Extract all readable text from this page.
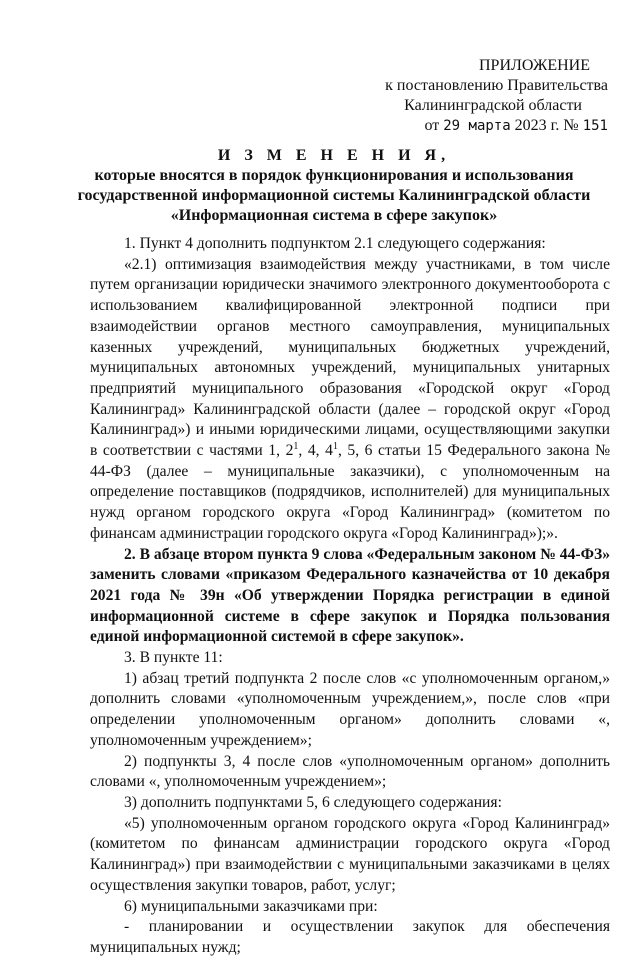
ПРИЛОЖЕНИЕ
к постановлению Правительства
Калининградской области
от 29 марта 2023 г. № 151
И З М Е Н Е Н И Я,
которые вносятся в порядок функционирования и использования
государственной информационной системы Калининградской области
«Информационная система в сфере закупок»

1. Пункт 4 дополнить подпунктом 2.1 следующего содержания:

«2.1) оптимизация взаимодействия между участниками, в том числе путем организации юридически значимого электронного документооборота с использованием квалифицированной электронной подписи при взаимодействии органов местного самоуправления, муниципальных казенных учреждений, муниципальных бюджетных учреждений, муниципальных автономных учреждений, муниципальных унитарных предприятий муниципального образования «Городской округ «Город Калининград» Калининградской области (далее – городской округ «Город Калининград») и иными юридическими лицами, осуществляющими закупки в соответствии с частями 1, $2^1$, 4, $4^1$, 5, 6 статьи 15 Федерального закона № 44-ФЗ (далее – муниципальные заказчики), с уполномоченным на определение поставщиков (подрядчиков, исполнителей) для муниципальных нужд органом городского округа «Город Калининград» (комитетом по финансам администрации городского округа «Город Калининград»);».

2. В абзаце втором пункта 9 слова «Федеральным законом № 44-ФЗ» заменить словами «приказом Федерального казначейства от 10 декабря 2021 года № 39н «Об утверждении Порядка регистрации в единой информационной системе в сфере закупок и Порядка пользования единой информационной системой в сфере закупок».

3. В пункте 11:

1) абзац третий подпункта 2 после слов «с уполномоченным органом,» дополнить словами «уполномоченным учреждением,», после слов «при определении уполномоченным органом» дополнить словами «, уполномоченным учреждением»;

2) подпункты 3, 4 после слов «уполномоченным органом» дополнить словами «, уполномоченным учреждением»;

3) дополнить подпунктами 5, 6 следующего содержания:

«5) уполномоченным органом городского округа «Город Калининград» (комитетом по финансам администрации городского округа «Город Калининград») при взаимодействии с муниципальными заказчиками в целях осуществления закупки товаров, работ, услуг;

6) муниципальными заказчиками при:

- планировании и осуществлении закупок для обеспечения муниципальных нужд;
